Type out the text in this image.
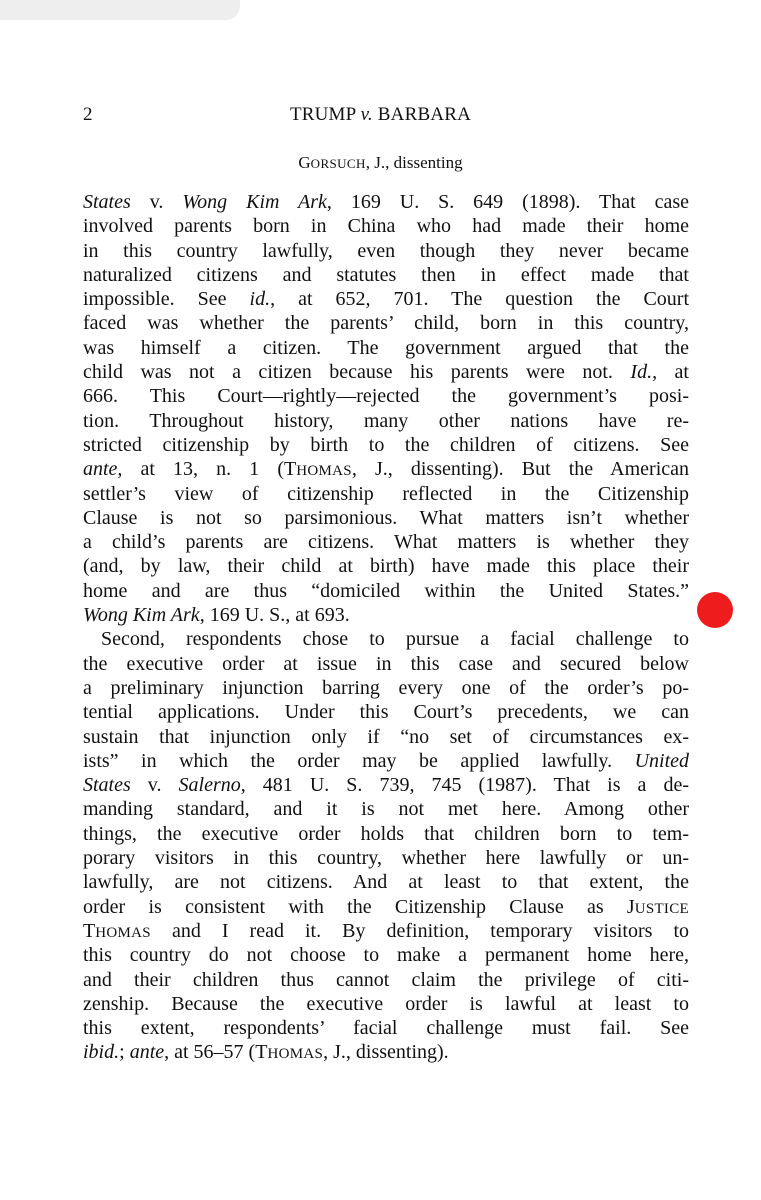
2	TRUMP v. BARBARA
GORSUCH, J., dissenting
States v. Wong Kim Ark, 169 U. S. 649 (1898). That case
involved parents born in China who had made their home
in this country lawfully, even though they never became
naturalized citizens and statutes then in effect made that
impossible. See id., at 652, 701. The question the Court
faced was whether the parents’ child, born in this country,
was himself a citizen. The government argued that the
child was not a citizen because his parents were not. Id., at
666. This Court—rightly—rejected the government’s posi-
tion. Throughout history, many other nations have re-
stricted citizenship by birth to the children of citizens. See
ante, at 13, n. 1 (THOMAS, J., dissenting). But the American
settler’s view of citizenship reflected in the Citizenship
Clause is not so parsimonious. What matters isn’t whether
a child’s parents are citizens. What matters is whether they
(and, by law, their child at birth) have made this place their
home and are thus “domiciled within the United States.”
Wong Kim Ark, 169 U. S., at 693.
Second, respondents chose to pursue a facial challenge to
the executive order at issue in this case and secured below
a preliminary injunction barring every one of the order’s po-
tential applications. Under this Court’s precedents, we can
sustain that injunction only if “no set of circumstances ex-
ists” in which the order may be applied lawfully. United
States v. Salerno, 481 U. S. 739, 745 (1987). That is a de-
manding standard, and it is not met here. Among other
things, the executive order holds that children born to tem-
porary visitors in this country, whether here lawfully or un-
lawfully, are not citizens. And at least to that extent, the
order is consistent with the Citizenship Clause as JUSTICE
THOMAS and I read it. By definition, temporary visitors to
this country do not choose to make a permanent home here,
and their children thus cannot claim the privilege of citi-
zenship. Because the executive order is lawful at least to
this extent, respondents’ facial challenge must fail. See
ibid.; ante, at 56–57 (THOMAS, J., dissenting).
